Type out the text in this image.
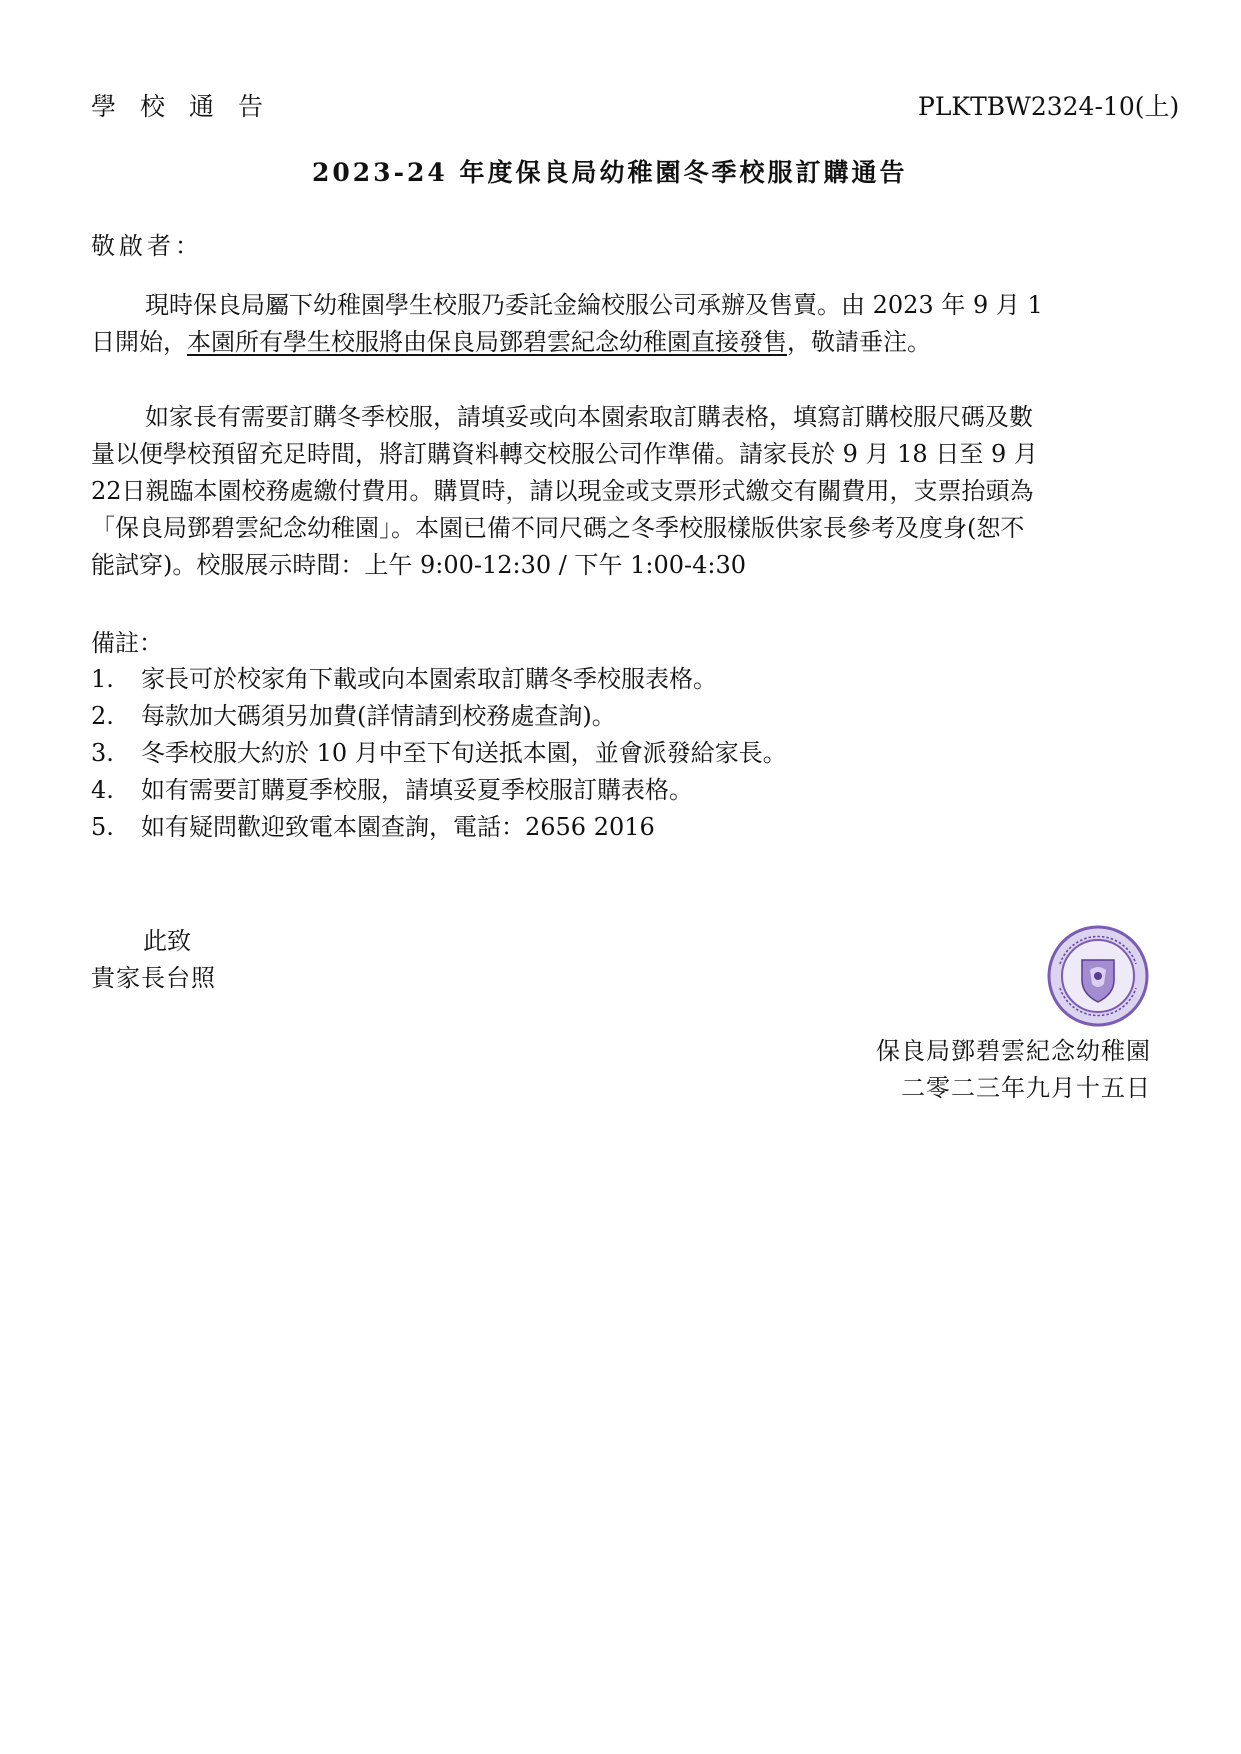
學校通告	PLKTBW2324-10(上)
2023-24 年度保良局幼稚園冬季校服訂購通告
敬啟者：
現時保良局屬下幼稚園學生校服乃委託金綸校服公司承辦及售賣。由 2023 年 9 月 1
日開始，本園所有學生校服將由保良局鄧碧雲紀念幼稚園直接發售，敬請垂注。
如家長有需要訂購冬季校服，請填妥或向本園索取訂購表格，填寫訂購校服尺碼及數
量以便學校預留充足時間，將訂購資料轉交校服公司作準備。請家長於 9 月 18 日至 9 月
22日親臨本園校務處繳付費用。購買時，請以現金或支票形式繳交有關費用，支票抬頭為
「保良局鄧碧雲紀念幼稚園」。本園已備不同尺碼之冬季校服樣版供家長參考及度身(恕不
能試穿)。校服展示時間：上午 9:00-12:30 / 下午 1:00-4:30
備註：
1. 家長可於校家角下載或向本園索取訂購冬季校服表格。
2. 每款加大碼須另加費(詳情請到校務處查詢)。
3. 冬季校服大約於 10 月中至下旬送抵本園，並會派發給家長。
4. 如有需要訂購夏季校服，請填妥夏季校服訂購表格。
5. 如有疑問歡迎致電本園查詢，電話：2656 2016
此致
貴家長台照
保良局鄧碧雲紀念幼稚園
二零二三年九月十五日
